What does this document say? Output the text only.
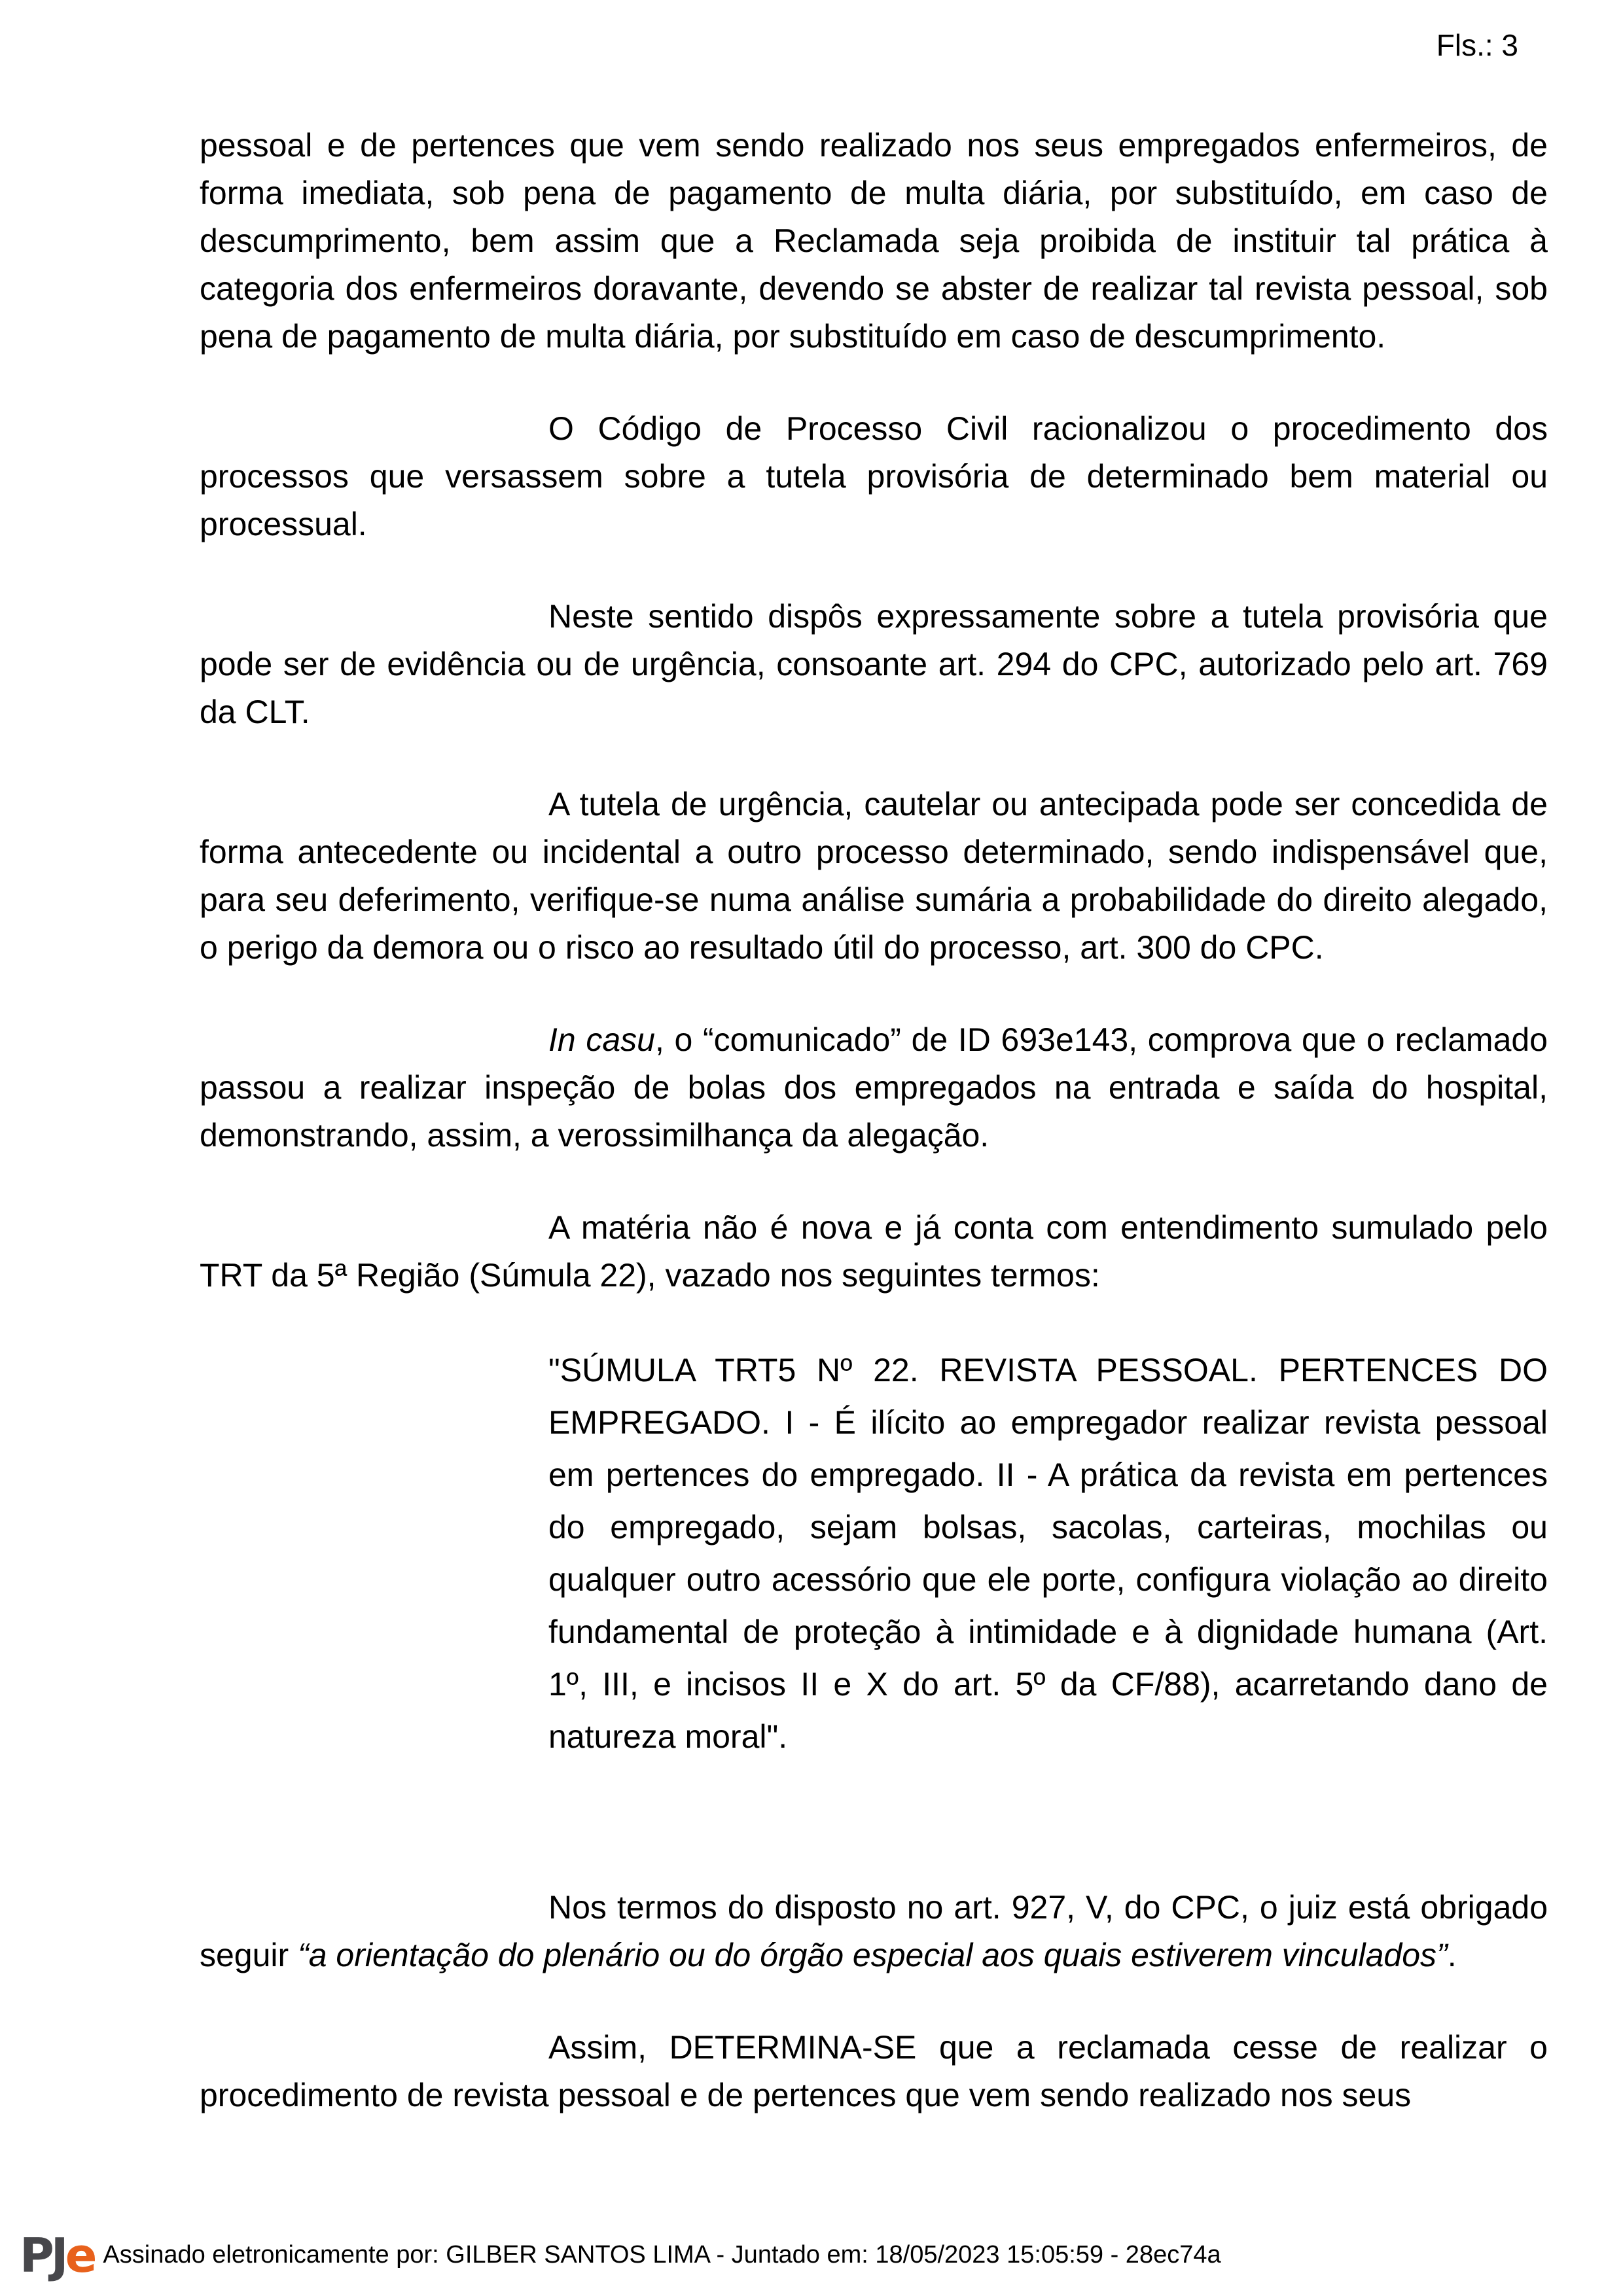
Fls.: 3

pessoal e de pertences que vem sendo realizado nos seus empregados enfermeiros, de forma imediata, sob pena de pagamento de multa diária, por substituído, em caso de descumprimento, bem assim que a Reclamada seja proibida de instituir tal prática à categoria dos enfermeiros doravante, devendo se abster de realizar tal revista pessoal, sob pena de pagamento de multa diária, por substituído em caso de descumprimento.

O Código de Processo Civil racionalizou o procedimento dos processos que versassem sobre a tutela provisória de determinado bem material ou processual.

Neste sentido dispôs expressamente sobre a tutela provisória que pode ser de evidência ou de urgência, consoante art. 294 do CPC, autorizado pelo art. 769 da CLT.

A tutela de urgência, cautelar ou antecipada pode ser concedida de forma antecedente ou incidental a outro processo determinado, sendo indispensável que, para seu deferimento, verifique-se numa análise sumária a probabilidade do direito alegado, o perigo da demora ou o risco ao resultado útil do processo, art. 300 do CPC.

In casu, o “comunicado” de ID 693e143, comprova que o reclamado passou a realizar inspeção de bolas dos empregados na entrada e saída do hospital, demonstrando, assim, a verossimilhança da alegação.

A matéria não é nova e já conta com entendimento sumulado pelo TRT da 5ª Região (Súmula 22), vazado nos seguintes termos:

"SÚMULA TRT5 Nº 22. REVISTA PESSOAL. PERTENCES DO EMPREGADO. I - É ilícito ao empregador realizar revista pessoal em pertences do empregado. II - A prática da revista em pertences do empregado, sejam bolsas, sacolas, carteiras, mochilas ou qualquer outro acessório que ele porte, configura violação ao direito fundamental de proteção à intimidade e à dignidade humana (Art. 1º, III, e incisos II e X do art. 5º da CF/88), acarretando dano de natureza moral".

Nos termos do disposto no art. 927, V, do CPC, o juiz está obrigado seguir “a orientação do plenário ou do órgão especial aos quais estiverem vinculados”.

Assim, DETERMINA-SE que a reclamada cesse de realizar o procedimento de revista pessoal e de pertences que vem sendo realizado nos seus

PJe Assinado eletronicamente por: GILBER SANTOS LIMA - Juntado em: 18/05/2023 15:05:59 - 28ec74a
